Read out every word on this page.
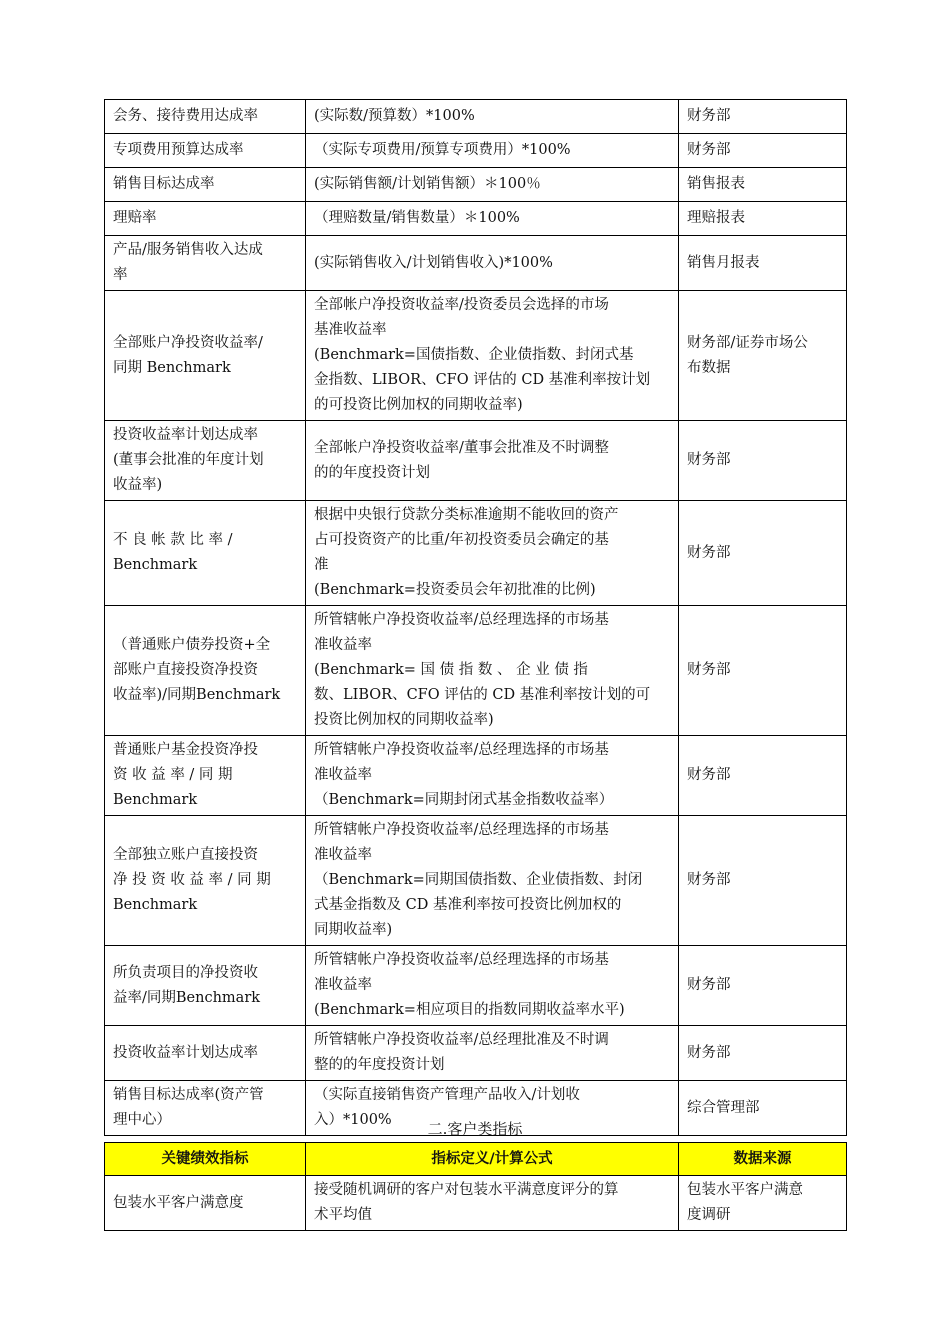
会务、接待费用达成率	(实际数/预算数）*100%	财务部

专项费用预算达成率	（实际专项费用/预算专项费用）*100%	财务部

销售目标达成率	(实际销售额/计划销售额）＊100％	销售报表

理赔率	（理赔数量/销售数量）＊100%	理赔报表

产品/服务销售收入达成
率	(实际销售收入/计划销售收入)*100%	销售月报表

全部账户净投资收益率/
同期 Benchmark	全部帐户净投资收益率/投资委员会选择的市场
基准收益率
(Benchmark=国债指数、企业债指数、封闭式基
金指数、LIBOR、CFO 评估的 CD 基准利率按计划
的可投资比例加权的同期收益率)	财务部/证券市场公
布数据

投资收益率计划达成率
(董事会批准的年度计划
收益率)	全部帐户净投资收益率/董事会批准及不时调整
的的年度投资计划	财务部

不 良 帐 款 比 率 /
Benchmark	根据中央银行贷款分类标准逾期不能收回的资产
占可投资资产的比重/年初投资委员会确定的基
准
(Benchmark=投资委员会年初批准的比例)	财务部

（普通账户债券投资+全
部账户直接投资净投资
收益率)/同期Benchmark	所管辖帐户净投资收益率/总经理选择的市场基
准收益率
(Benchmark= 国 债 指 数 、 企 业 债 指
数、LIBOR、CFO 评估的 CD 基准利率按计划的可
投资比例加权的同期收益率)	财务部

普通账户基金投资净投
资 收 益 率 / 同 期
Benchmark	所管辖帐户净投资收益率/总经理选择的市场基
准收益率
（Benchmark=同期封闭式基金指数收益率）	财务部

全部独立账户直接投资
净 投 资 收 益 率 / 同 期
Benchmark	所管辖帐户净投资收益率/总经理选择的市场基
准收益率
（Benchmark=同期国债指数、企业债指数、封闭
式基金指数及 CD 基准利率按可投资比例加权的
同期收益率)	财务部

所负责项目的净投资收
益率/同期Benchmark	所管辖帐户净投资收益率/总经理选择的市场基
准收益率
(Benchmark=相应项目的指数同期收益率水平)	财务部

投资收益率计划达成率	所管辖帐户净投资收益率/总经理批准及不时调
整的的年度投资计划	财务部

销售目标达成率(资产管
理中心）	（实际直接销售资产管理产品收入/计划收
入）*100%	综合管理部
二.客户类指标
关键绩效指标	指标定义/计算公式	数据来源

包装水平客户满意度	接受随机调研的客户对包装水平满意度评分的算
术平均值	包装水平客户满意
度调研
